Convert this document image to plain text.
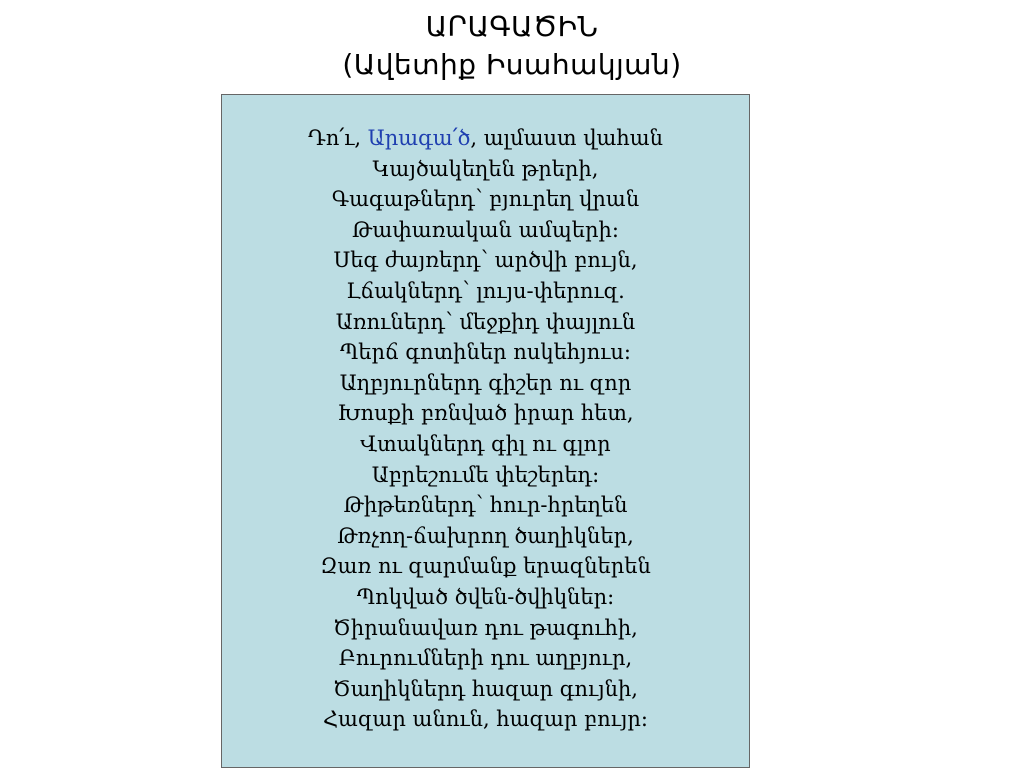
ԱՐԱԳԱԾԻՆ
(Ավետիք Իսահակյան)
Դո՛ւ, Արագա՛ծ, ալմաստ վահան
Կայծակեղեն թրերի,
Գագաթներդ՝ բյուրեղ վրան
Թափառական ամպերի։
Սեգ ժայռերդ՝ արծվի բույն,
Լճակներդ՝ լույս-փերուզ.
Առուներդ՝ մեջքիդ փայլուն
Պերճ գոտիներ ոսկեհյուս։
Աղբյուրներդ գիշեր ու զոր
Խոսքի բռնված իրար հետ,
Վտակներդ գիլ ու գլոր
Աբրեշումե փեշերեդ։
Թիթեռներդ՝ հուր-հրեղեն
Թռչող-ճախրող ծաղիկներ,
Զառ ու զարմանք երազներեն
Պոկված ծվեն-ծվիկներ։
Ծիրանավառ դու թագուհի,
Բուրումների դու աղբյուր,
Ծաղիկներդ հազար գույնի,
Հազար անուն, հազար բույր։
